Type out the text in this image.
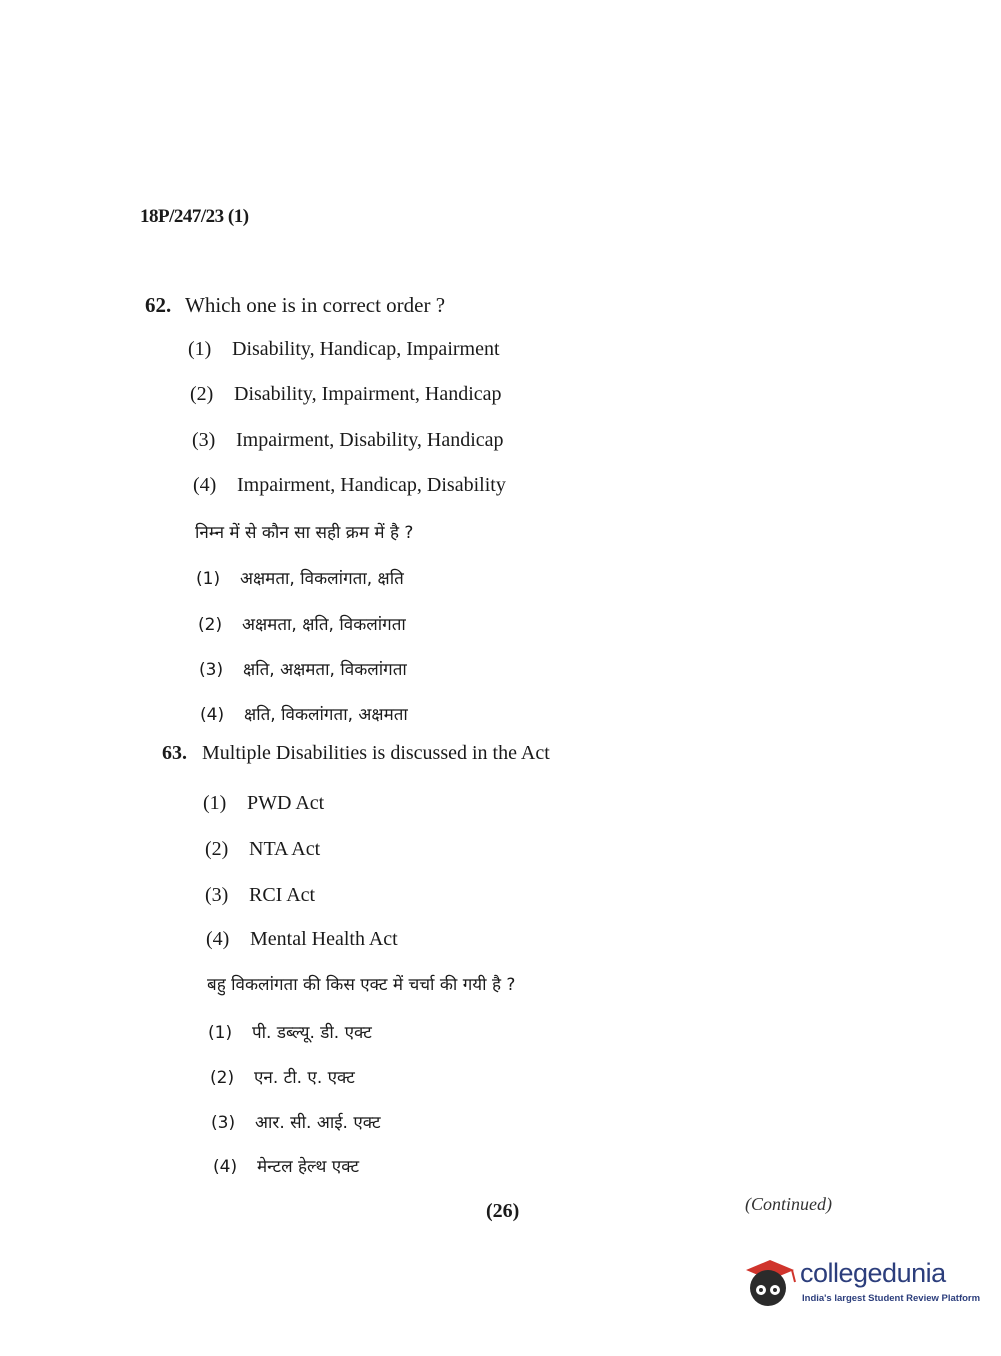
18P/247/23 (1)
62. Which one is in correct order ?
(1) Disability, Handicap, Impairment
(2) Disability, Impairment, Handicap
(3) Impairment, Disability, Handicap
(4) Impairment, Handicap, Disability
निम्न में से कौन सा सही क्रम में है ?
(1) अक्षमता, विकलांगता, क्षति
(2) अक्षमता, क्षति, विकलांगता
(3) क्षति, अक्षमता, विकलांगता
(4) क्षति, विकलांगता, अक्षमता
63. Multiple Disabilities is discussed in the Act
(1) PWD Act
(2) NTA Act
(3) RCI Act
(4) Mental Health Act
बहु विकलांगता की किस एक्ट में चर्चा की गयी है ?
(1) पी. डब्ल्यू. डी. एक्ट
(2) एन. टी. ए. एक्ट
(3) आर. सी. आई. एक्ट
(4) मेन्टल हेल्थ एक्ट
(26)	(Continued)
collegedunia
India's largest Student Review Platform
